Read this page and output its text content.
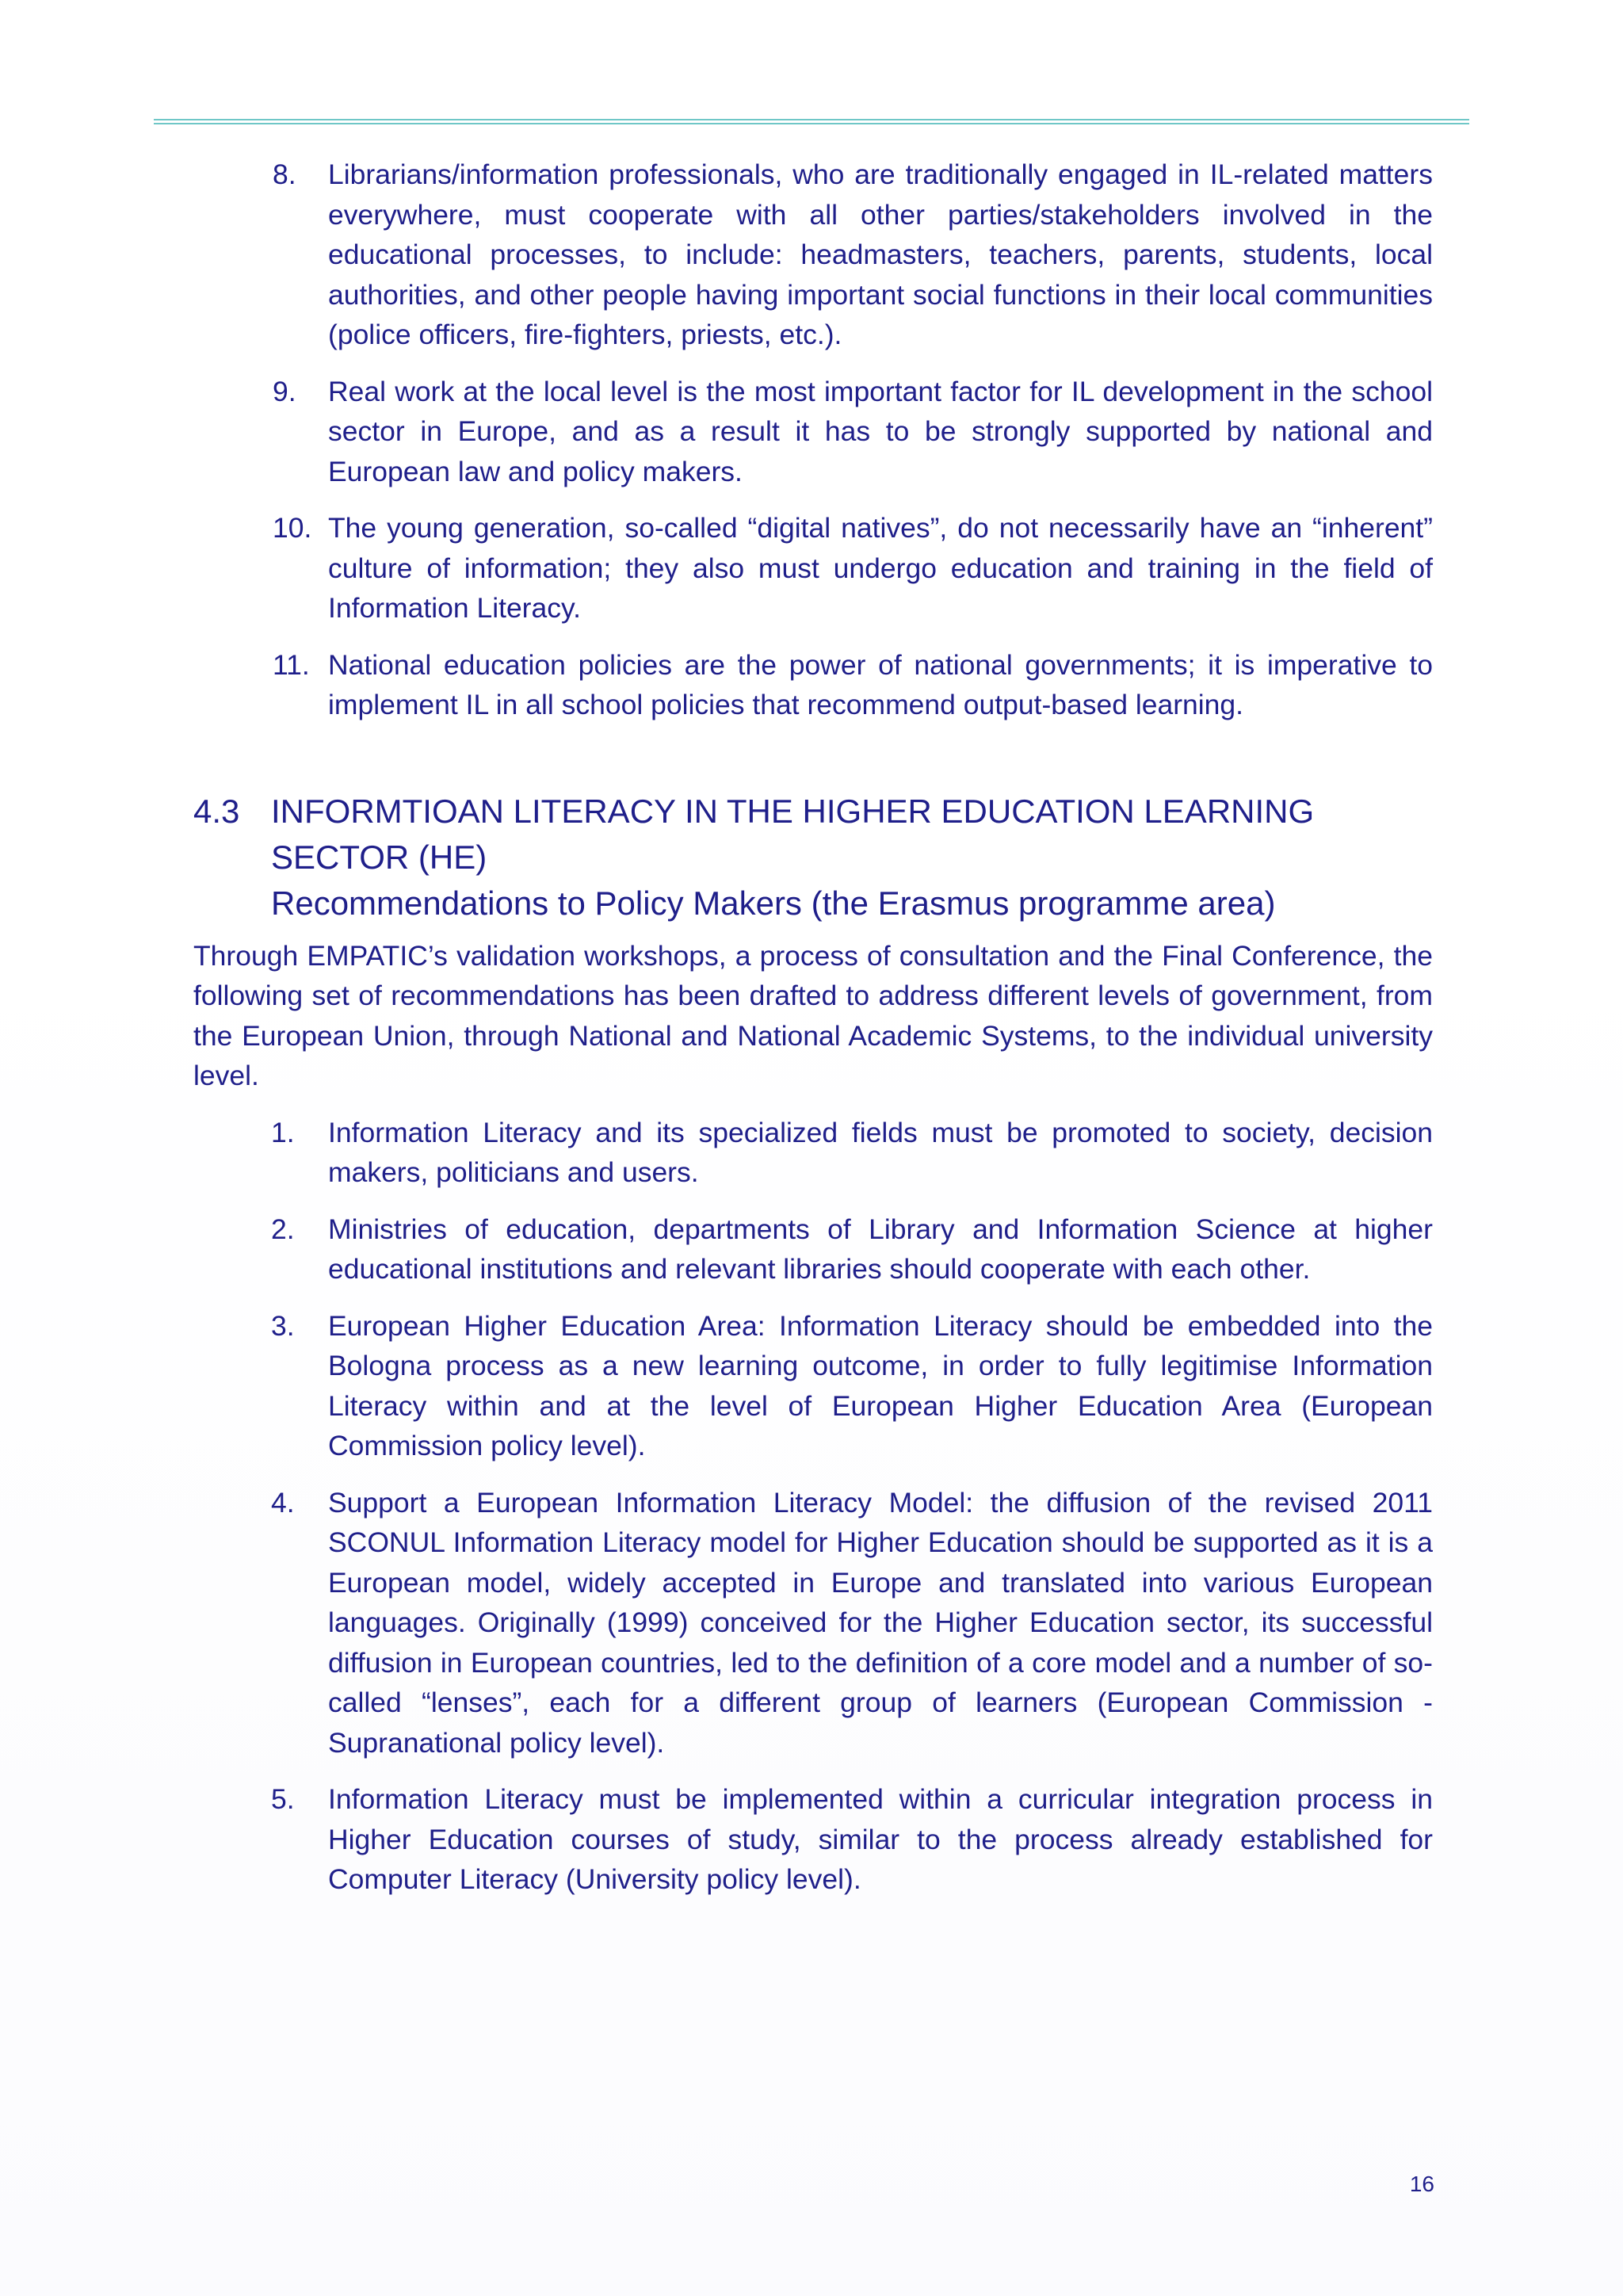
8.	Librarians/information professionals, who are traditionally engaged in IL-related matters everywhere, must cooperate with all other parties/stakeholders involved in the educational processes, to include: headmasters, teachers, parents, students, local authorities, and other people having important social functions in their local communities (police officers, fire-fighters, priests, etc.).
9.	Real work at the local level is the most important factor for IL development in the school sector in Europe, and as a result it has to be strongly supported by national and European law and policy makers.
10. The young generation, so-called “digital natives”, do not necessarily have an “inherent” culture of information; they also must undergo education and training in the field of Information Literacy.
11. National education policies are the power of national governments; it is imperative to implement IL in all school policies that recommend output-based learning.
4.3 INFORMTIOAN LITERACY IN THE HIGHER EDUCATION LEARNING SECTOR (HE)
Recommendations to Policy Makers (the Erasmus programme area)

Through EMPATIC’s validation workshops, a process of consultation and the Final Conference, the following set of recommendations has been drafted to address different levels of government, from the European Union, through National and National Academic Systems, to the individual university level.

1.	Information Literacy and its specialized fields must be promoted to society, decision makers, politicians and users.
2.	Ministries of education, departments of Library and Information Science at higher educational institutions and relevant libraries should cooperate with each other.
3.	European Higher Education Area: Information Literacy should be embedded into the Bologna process as a new learning outcome, in order to fully legitimise Information Literacy within and at the level of European Higher Education Area (European Commission policy level).
4.	Support a European Information Literacy Model: the diffusion of the revised 2011 SCONUL Information Literacy model for Higher Education should be supported as it is a European model, widely accepted in Europe and translated into various European languages. Originally (1999) conceived for the Higher Education sector, its successful diffusion in European countries, led to the definition of a core model and a number of so-called “lenses”, each for a different group of learners (European Commission - Supranational policy level).
5.	Information Literacy must be implemented within a curricular integration process in Higher Education courses of study, similar to the process already established for Computer Literacy (University policy level).
16
